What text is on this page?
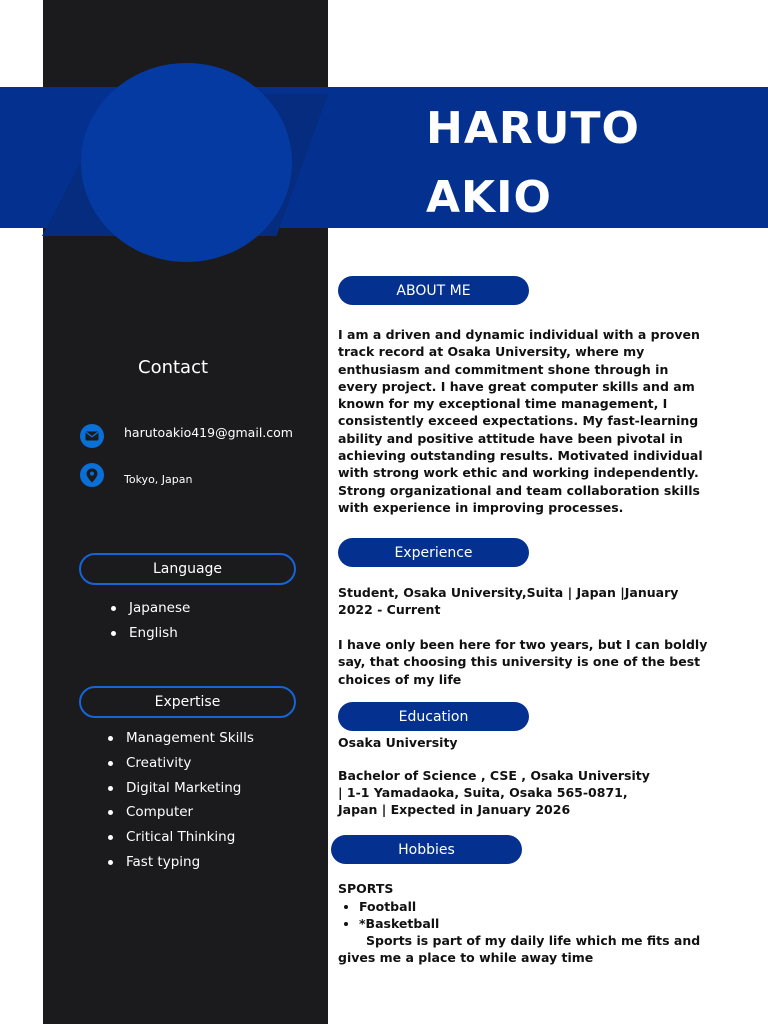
HARUTO
AKIO
Contact
harutoakio419@gmail.com
Tokyo, Japan
Language
Japanese
English
Expertise
Management Skills
Creativity
Digital Marketing
Computer
Critical Thinking
Fast typing
ABOUT ME
I am a driven and dynamic individual with a proven track record at Osaka University, where my enthusiasm and commitment shone through in every project. I have great computer skills and am known for my exceptional time management, I consistently exceed expectations. My fast-learning ability and positive attitude have been pivotal in achieving outstanding results. Motivated individual with strong work ethic and working independently. Strong organizational and team collaboration skills with experience in improving processes.
Experience
Student, Osaka University,Suita | Japan |January 2022 - Current
I have only been here for two years, but I can boldly say, that choosing this university is one of the best choices of my life
Education
Osaka University
Bachelor of Science , CSE , Osaka University
| 1-1 Yamadaoka, Suita, Osaka 565-0871,
Japan | Expected in January 2026
Hobbies
SPORTS
Football
*Basketball
Sports is part of my daily life which me fits and gives me a place to while away time
